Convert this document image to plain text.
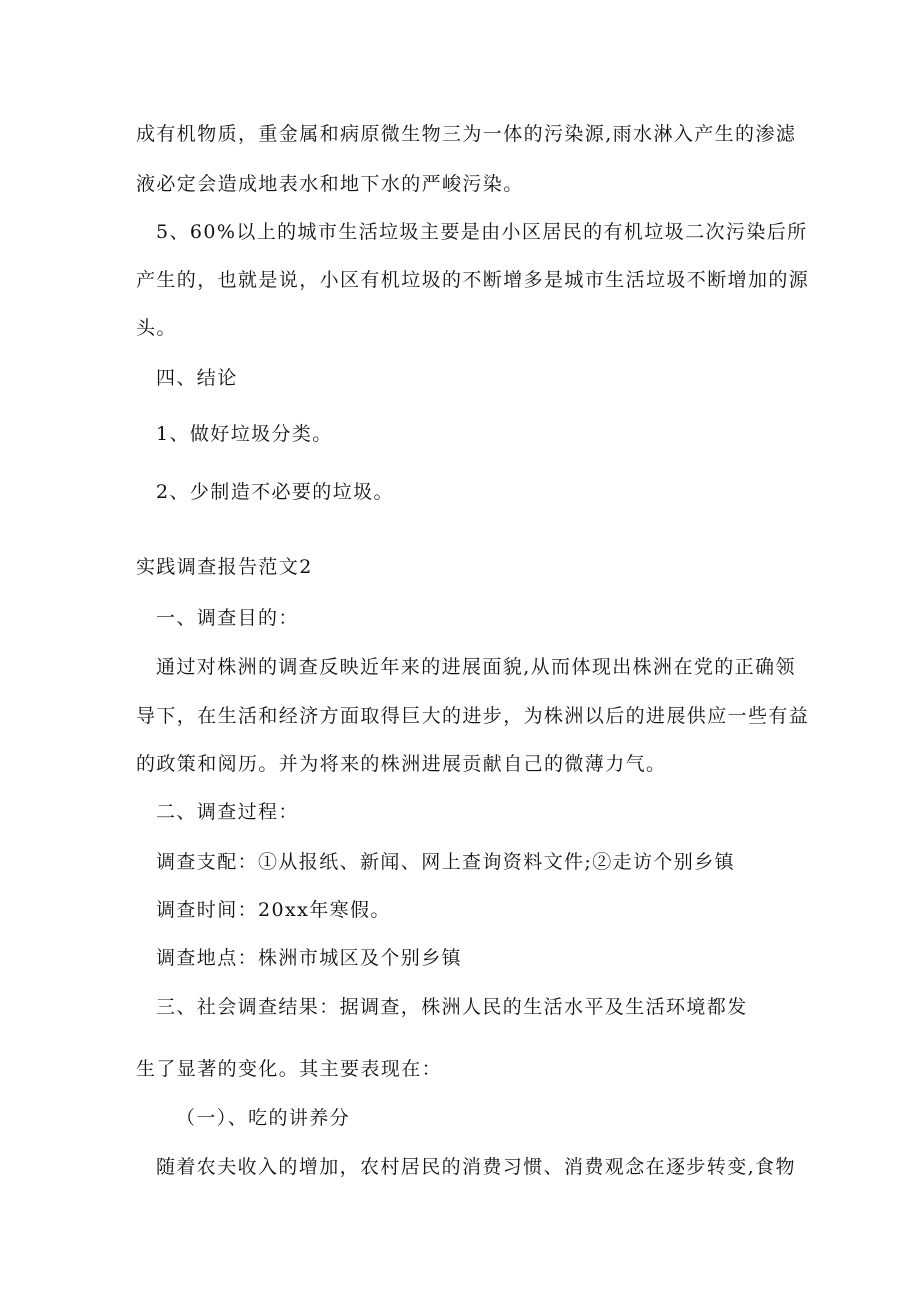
成有机物质，重金属和病原微生物三为一体的污染源,雨水淋入产生的渗滤
液必定会造成地表水和地下水的严峻污染。
5、60%以上的城市生活垃圾主要是由小区居民的有机垃圾二次污染后所
产生的，也就是说，小区有机垃圾的不断增多是城市生活垃圾不断增加的源
头。
四、结论
1、做好垃圾分类。
2、少制造不必要的垃圾。
实践调查报告范文2
一、调查目的：
通过对株洲的调查反映近年来的进展面貌,从而体现出株洲在党的正确领
导下，在生活和经济方面取得巨大的进步，为株洲以后的进展供应一些有益
的政策和阅历。并为将来的株洲进展贡献自己的微薄力气。
二、调查过程：
调查支配：①从报纸、新闻、网上查询资料文件;②走访个别乡镇
调查时间：20xx年寒假。
调查地点：株洲市城区及个别乡镇
三、社会调查结果：据调查，株洲人民的生活水平及生活环境都发
生了显著的变化。其主要表现在：
（一）、吃的讲养分
随着农夫收入的增加，农村居民的消费习惯、消费观念在逐步转变,食物
